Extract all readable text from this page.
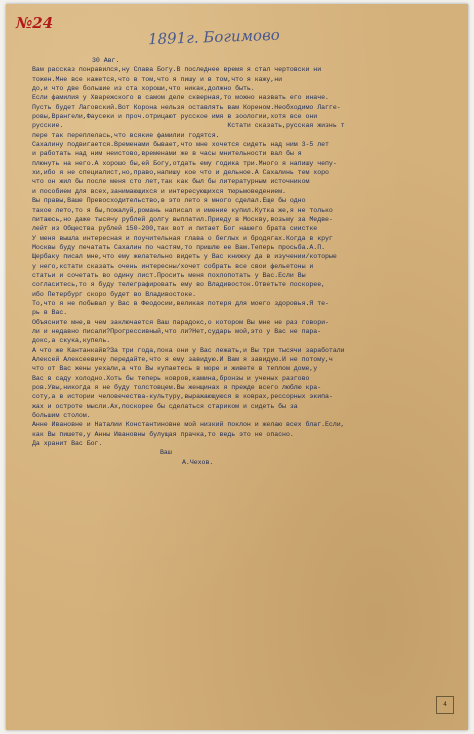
№24
1891г. Богимово
30 Авг.
Вам рассказ понравился,ну Слава Богу.В последнее время я стал чертовски ни
тожен.Мне все кажется,что в том,что я пишу и в том,что я кажу,ни
до,и что две большие из ста хороши,что никак,должно быть.
Если фамилия у Хварежского в самом деле скверная,то можно назвать его иначе.
Пусть будет Лаговский.Вот Корона нельзя оставлять вам Кореном.Необходимо Лагге-
ровы,Врангели,Фаусеки и проч.отрицают русское имя в зоологии,хотя все они
русские.                                          Кстати сказать,русская жизнь т
пере так переплелась,что всякие фамилии годятся.
Сахалину подвигается.Временами бывает,что мне хочется сидеть над ним 3-5 лет
и работать над ним неистово,временами же в часы мнительности вал бы я
плюнуть на него.А хорошо бы,ей Богу,отдать ему годика три.Много я напишу чепу-
хи,ибо я не специалист,но,право,напишу кое что и дельное.А Сахалинь тем хоро
что он жил бы после меня сто лет,так как был бы литературным источником
и пособием для всех,занимающихся и интересующихся тюрьмоведением.
Вы правы,Ваше Превосходительство,в это лето я много сделал.Еще бы одно
такое лето,то я бы,пожалуй,романь написал и имение купил.Кутка же,я не только
питаюсь,но даже тысячу рублей долгу выплатил.Приеду в Москву,возьму за Медве-
лейт из Общества рублей 150-200,так вот и питает Бог нашего брата сиистке
У меня вышла интересная и поучительная глава о беглых и бродягах.Когда в круг
Москвы буду печатать Сахалин по частям,то пришлю ее Вам.Теперь просьба.А.П.
Щербаку писал мне,что ему желательно видеть у Вас книжку да в изучении/которые
у него,кстати сказать очень интересны/хочет собрать все свои фельетоны и
статьи и сочетать во одину лист.Просить меня похлопотать у Вас.Если Вы
согласитесь,то я буду телеграфировать ему во Владивосток.Ответьте поскорее,
ибо Петербург скоро будет во Владивостоке.
То,что я не побывал у Вас в Феодосии,великая потеря для моего здоровья.Я те-
рь в Вас.
Объясните мне,в чем заключается Ваш парадокс,о котором Вы мне не раз говори-
ли и недавно писали?Прогрессивный,что ли?Нет,сударь мой,это у Вас не пара-
докс,а скука,купель.
А что же Кантанкайв?За три года,пока они у Вас лежать,и Вы три тысячи заработали
Алексей Алексеевичу передайте,что я ему завидую.И Вам я завидую.И не потому,ч
что от Вас жены уехали,а что Вы купаетесь в море и живете в теплом доме,у
Вас в саду холодно.Хоть бы теперь ковров,камина,бронзы и ученых разгово
ров.Увы,никогда я не буду толстовцем.Вы женщинах я прежде всего люблю кра-
соту,а в истории человечества-культуру,выражающуюся в коврах,рессорных экипа-
жах и остроте мысли.Ах,поскорее бы сделаться стариком и сидеть бы за
большим столом.
Анне Ивановне и Наталии Константиновне мой низкий поклон и желаю всех благ.Если,
как Вы пишете,у Анны Ивановны булущая прачка,то ведь это не опасно.
Да хранит Вас Бог.
Ваш
А.Чехов.
4
